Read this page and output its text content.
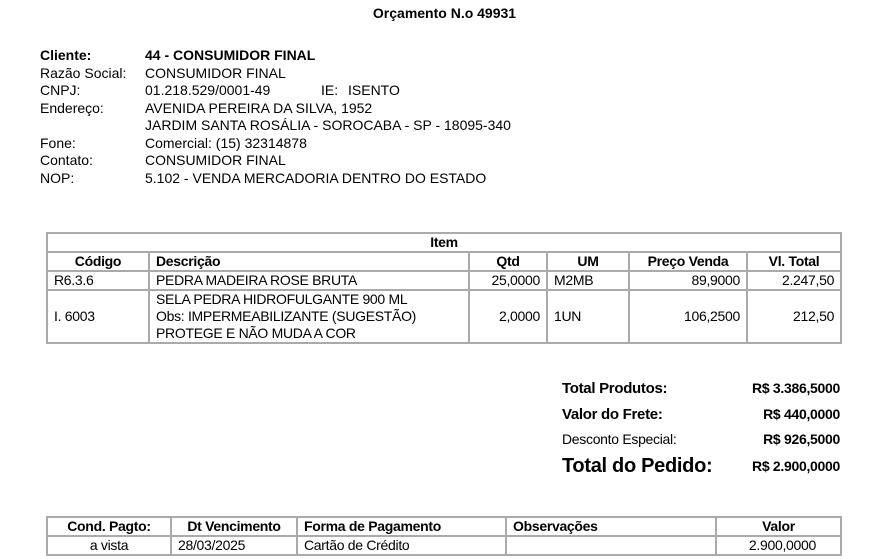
Orçamento N.o 49931
Cliente:	44 - CONSUMIDOR FINAL
Razão Social: CONSUMIDOR FINAL
CNPJ:	01.218.529/0001-49	IE: ISENTO
Endereço:	AVENIDA PEREIRA DA SILVA, 1952
JARDIM SANTA ROSÁLIA - SOROCABA - SP - 18095-340
Fone:	Comercial: (15) 32314878
Contato:	CONSUMIDOR FINAL
NOP:	5.102 - VENDA MERCADORIA DENTRO DO ESTADO
Item					
Código	Descrição	Qtd	UM	Preço Venda	Vl. Total
R6.3.6	PEDRA MADEIRA ROSE BRUTA	25,0000	M2MB	89,9000	2.247,50
I. 6003	SELA PEDRA HIDROFULGANTE 900 ML
Obs: IMPERMEABILIZANTE (SUGESTÃO)
PROTEGE E NÃO MUDA A COR	2,0000	1UN	106,2500	212,50
Total Produtos:	R$ 3.386,5000
Valor do Frete:	R$ 440,0000
Desconto Especial:	R$ 926,5000
Total do Pedido:	R$ 2.900,0000
Cond. Pagto:	Dt Vencimento	Forma de Pagamento	Observações	Valor
a vista	28/03/2025	Cartão de Crédito		2.900,0000
